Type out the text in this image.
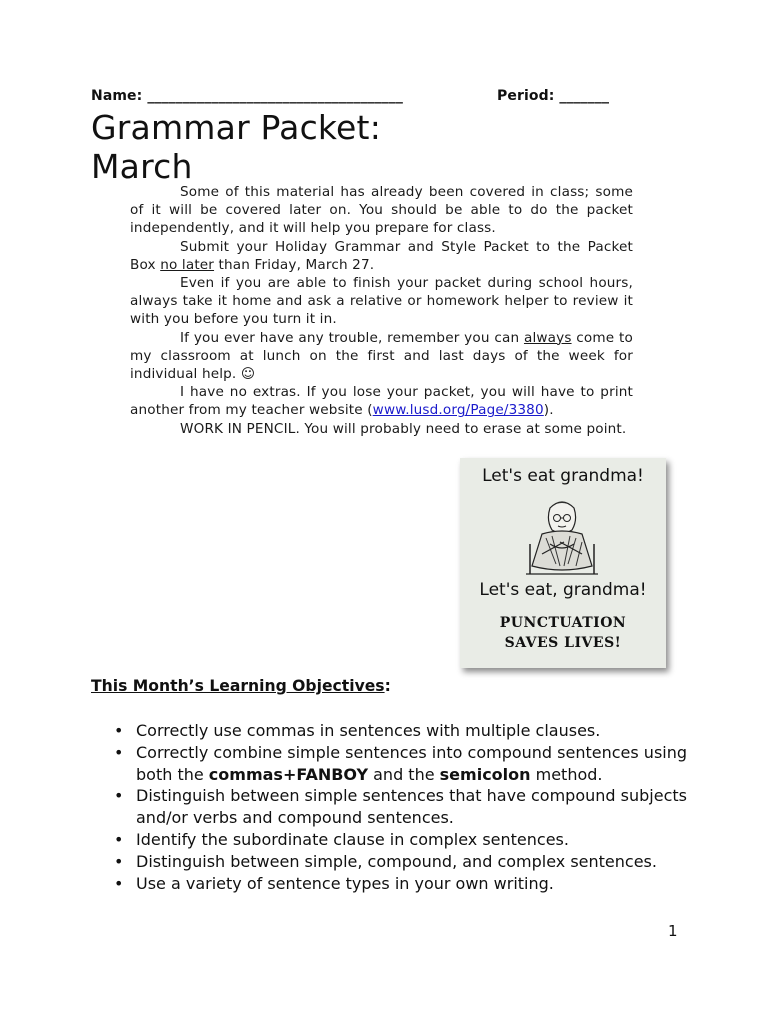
Name: ____________________________________	Period: _______
Grammar Packet:
March

Some of this material has already been covered in class; some of it will be covered later on. You should be able to do the packet independently, and it will help you prepare for class.

Submit your Holiday Grammar and Style Packet to the Packet Box no later than Friday, March 27.

Even if you are able to finish your packet during school hours, always take it home and ask a relative or homework helper to review it with you before you turn it in.

If you ever have any trouble, remember you can always come to my classroom at lunch on the first and last days of the week for individual help. ☺

I have no extras. If you lose your packet, you will have to print another from my teacher website (www.lusd.org/Page/3380).

WORK IN PENCIL. You will probably need to erase at some point.

Let's eat grandma!
Let's eat, grandma!
PUNCTUATION
SAVES LIVES!
This Month’s Learning Objectives:
• Correctly use commas in sentences with multiple clauses.
• Correctly combine simple sentences into compound sentences using both the commas+FANBOY and the semicolon method.
• Distinguish between simple sentences that have compound subjects and/or verbs and compound sentences.
• Identify the subordinate clause in complex sentences.
• Distinguish between simple, compound, and complex sentences.
• Use a variety of sentence types in your own writing.
1
